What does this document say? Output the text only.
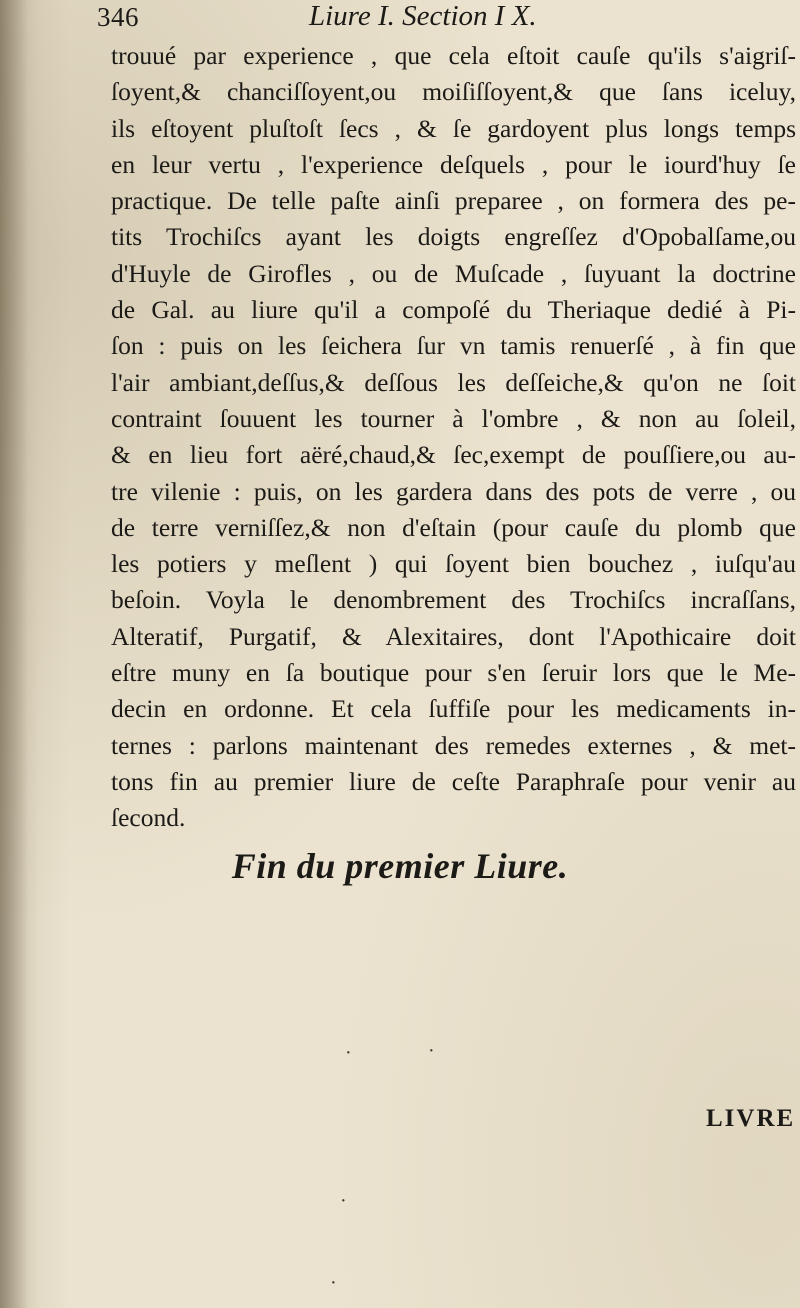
346	Liure I. Section I X.
trouué par experience , que cela eſtoit cauſe qu'ils s'aigriſ-
ſoyent,& chanciſſoyent,ou moiſiſſoyent,& que ſans iceluy,
ils eſtoyent pluſtoſt ſecs , & ſe gardoyent plus longs temps
en leur vertu , l'experience deſquels , pour le iourd'huy ſe
practique. De telle paſte ainſi preparee , on formera des pe-
tits Trochiſcs ayant les doigts engreſſez d'Opobalſame,ou
d'Huyle de Girofles , ou de Muſcade , ſuyuant la doctrine
de Gal. au liure qu'il a compoſé du Theriaque dedié à Pi-
ſon : puis on les ſeichera ſur vn tamis renuerſé , à fin que
l'air ambiant,deſſus,& deſſous les deſſeiche,& qu'on ne ſoit
contraint ſouuent les tourner à l'ombre , & non au ſoleil,
& en lieu fort aëré,chaud,& ſec,exempt de pouſſiere,ou au-
tre vilenie : puis, on les gardera dans des pots de verre , ou
de terre verniſſez,& non d'eſtain (pour cauſe du plomb que
les potiers y meſlent ) qui ſoyent bien bouchez , iuſqu'au
beſoin. Voyla le denombrement des Trochiſcs incraſſans,
Alteratif, Purgatif, & Alexitaires, dont l'Apothicaire doit
eſtre muny en ſa boutique pour s'en ſeruir lors que le Me-
decin en ordonne. Et cela ſuffiſe pour les medicaments in-
ternes : parlons maintenant des remedes externes , & met-
tons fin au premier liure de ceſte Paraphraſe pour venir au
ſecond.
Fin du premier Liure.
·	·
·
·
LIVRE
